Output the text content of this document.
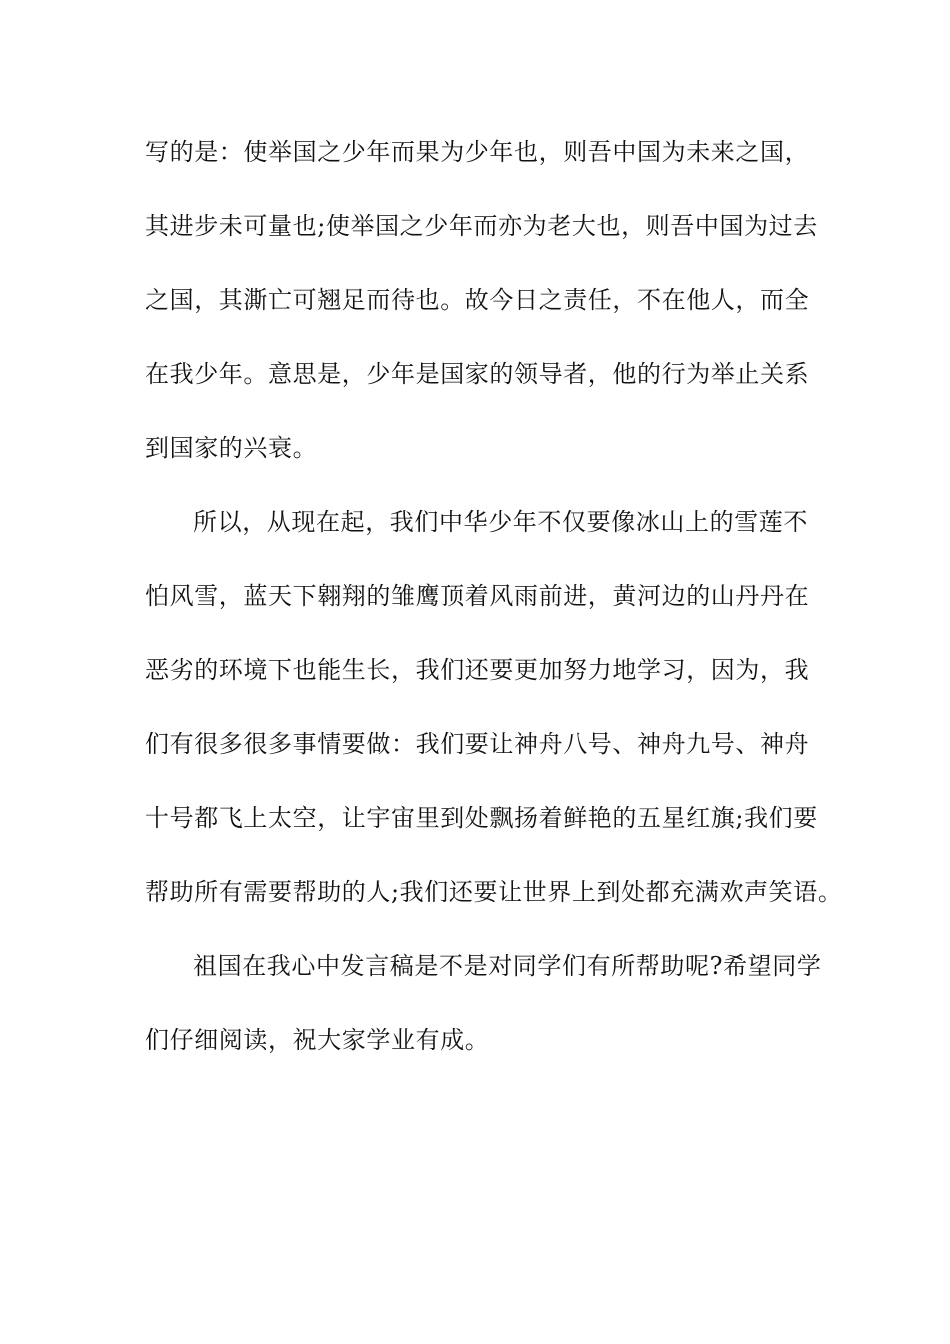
写的是：使举国之少年而果为少年也，则吾中国为未来之国，
其进步未可量也;使举国之少年而亦为老大也，则吾中国为过去
之国，其澌亡可翘足而待也。故今日之责任，不在他人，而全
在我少年。意思是，少年是国家的领导者，他的行为举止关系
到国家的兴衰。
所以，从现在起，我们中华少年不仅要像冰山上的雪莲不
怕风雪，蓝天下翱翔的雏鹰顶着风雨前进，黄河边的山丹丹在
恶劣的环境下也能生长，我们还要更加努力地学习，因为，我
们有很多很多事情要做：我们要让神舟八号、神舟九号、神舟
十号都飞上太空，让宇宙里到处飘扬着鲜艳的五星红旗;我们要
帮助所有需要帮助的人;我们还要让世界上到处都充满欢声笑语。
祖国在我心中发言稿是不是对同学们有所帮助呢?希望同学
们仔细阅读，祝大家学业有成。
